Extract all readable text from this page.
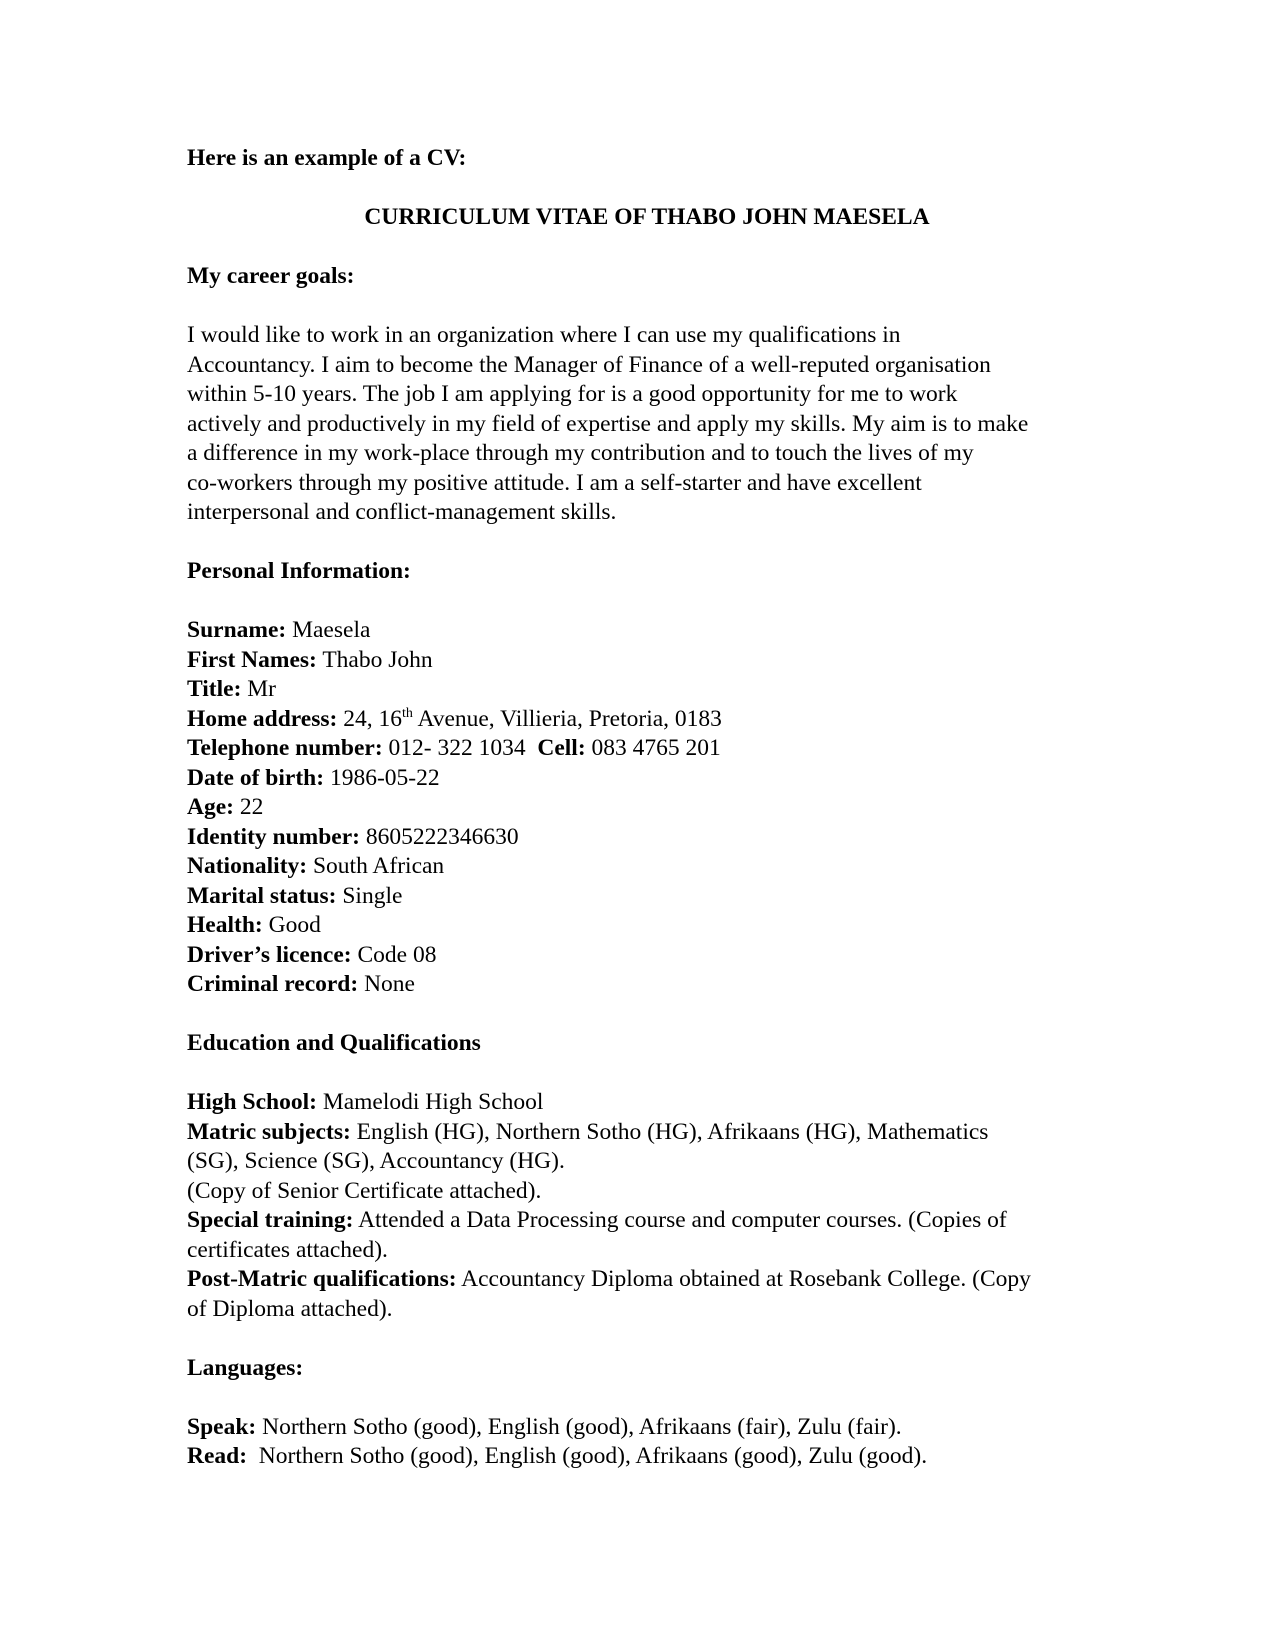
Here is an example of a CV:
CURRICULUM VITAE OF THABO JOHN MAESELA
My career goals:
I would like to work in an organization where I can use my qualifications in
Accountancy. I aim to become the Manager of Finance of a well-reputed organisation
within 5-10 years. The job I am applying for is a good opportunity for me to work
actively and productively in my field of expertise and apply my skills. My aim is to make
a difference in my work-place through my contribution and to touch the lives of my
co-workers through my positive attitude. I am a self-starter and have excellent
interpersonal and conflict-management skills.
Personal Information:
Surname: Maesela
First Names: Thabo John
Title: Mr
Home address: 24, 16th Avenue, Villieria, Pretoria, 0183
Telephone number: 012- 322 1034 Cell: 083 4765 201
Date of birth: 1986-05-22
Age: 22
Identity number: 8605222346630
Nationality: South African
Marital status: Single
Health: Good
Driver’s licence: Code 08
Criminal record: None
Education and Qualifications
High School: Mamelodi High School
Matric subjects: English (HG), Northern Sotho (HG), Afrikaans (HG), Mathematics
(SG), Science (SG), Accountancy (HG).
(Copy of Senior Certificate attached).
Special training: Attended a Data Processing course and computer courses. (Copies of
certificates attached).
Post-Matric qualifications: Accountancy Diploma obtained at Rosebank College. (Copy
of Diploma attached).
Languages:
Speak: Northern Sotho (good), English (good), Afrikaans (fair), Zulu (fair).
Read: Northern Sotho (good), English (good), Afrikaans (good), Zulu (good).
